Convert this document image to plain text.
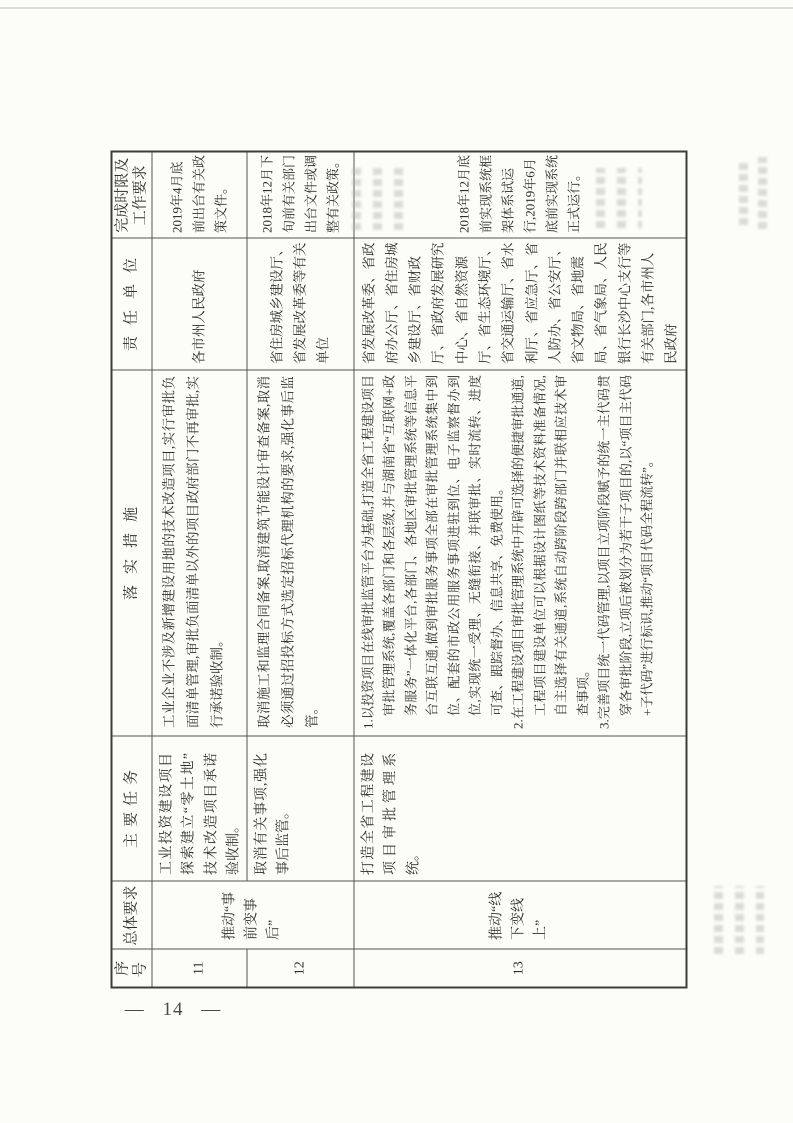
序号	总体要求	主要任务	落实措施	责任单位	完成时限及工作要求
11	推动“事前变事后”	工业投资建设项目探索建立“零土地”技术改造项目承诺验收制。	工业企业不涉及新增建设用地的技术改造项目,实行审批负面清单管理,审批负面清单以外的项目政府部门不再审批,实行承诺验收制。	各市州人民政府	2019年4月底前出台有关政策文件。
12		取消有关事项,强化事后监管。	取消施工和监理合同备案,取消建筑节能设计审查备案,取消必须通过招投标方式选定招标代理机构的要求,强化事后监管。	省住房城乡建设厅、省发展改革委等有关单位	2018年12月下旬前有关部门出台文件或调整有关政策。
13	推动“线下变线上”	打造全省工程建设项目审批管理系统。	1.以投资项目在线审批监管平台为基础,打造全省工程建设项目审批管理系统,覆盖各部门和各层级,并与湖南省“互联网+政务服务”一体化平台,各部门、各地区审批管理系统等信息平台互联互通,做到审批服务事项全部在审批管理系统集中到位、配套的市政公用服务事项进驻到位、电子监察督办到位,实现统一受理、无缝衔接、并联审批、实时流转、进度可查、跟踪督办、信息共享、免费使用。 2.在工程建设项目审批管理系统中开辟可选择的便捷审批通道,工程项目建设单位可以根据设计图纸等技术资料准备情况,自主选择有关通道,系统自动跨阶段跨部门并联相应技术审查事项。 3.完善项目统一代码管理,以项目立项阶段赋予的统一主代码贯穿各审批阶段,立项后被划分为若干子项目的,以“项目主代码+子代码”进行标识,推动“项目代码全程流转”。	省发展改革委、省政府办公厅、省住房城乡建设厅、省财政厅、省政府发展研究中心、省自然资源厅、省生态环境厅、省交通运输厅、省水利厅、省应急厅、省人防办、省公安厅、省文物局、省地震局、省气象局、人民银行长沙中心支行等有关部门,各市州人民政府	2018年12月底前实现系统框架体系试运行,2019年6月底前实现系统正式运行。
— 14 —
